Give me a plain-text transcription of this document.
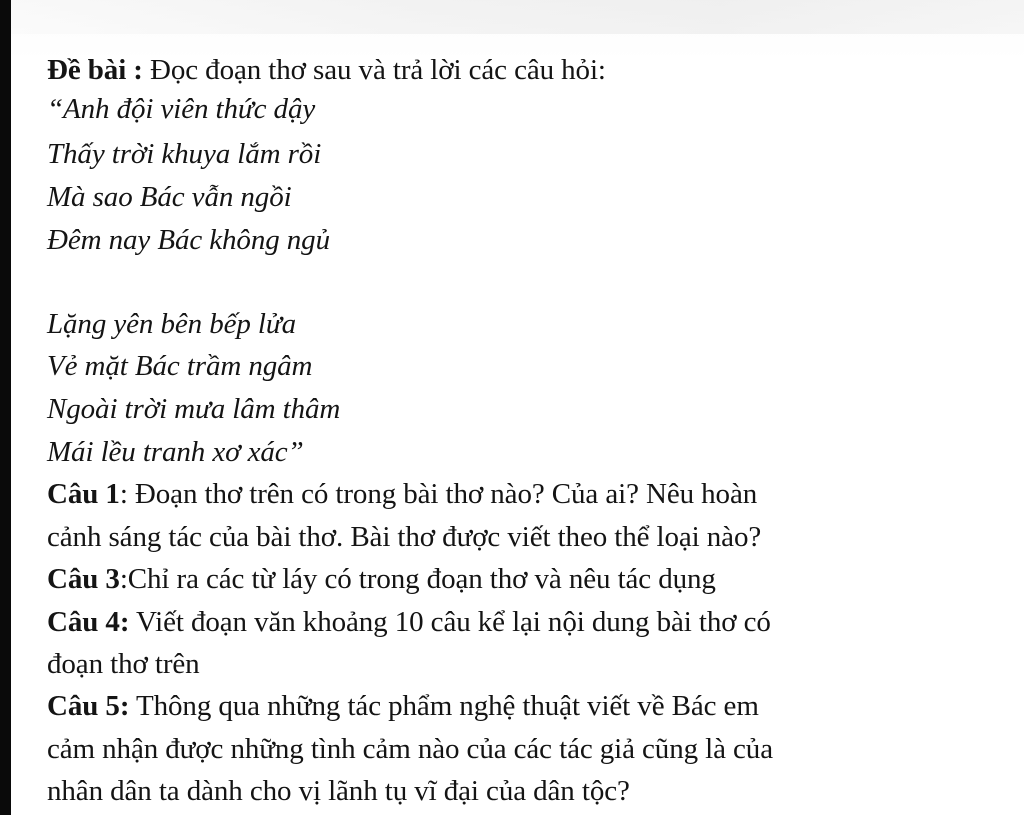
Đề bài : Đọc đoạn thơ sau và trả lời các câu hỏi:
“Anh đội viên thức dậy
Thấy trời khuya lắm rồi
Mà sao Bác vẫn ngồi
Đêm nay Bác không ngủ
Lặng yên bên bếp lửa
Vẻ mặt Bác trầm ngâm
Ngoài trời mưa lâm thâm
Mái lều tranh xơ xác”
Câu 1: Đoạn thơ trên có trong bài thơ nào? Của ai? Nêu hoàn
cảnh sáng tác của bài thơ. Bài thơ được viết theo thể loại nào?
Câu 3:Chỉ ra các từ láy có trong đoạn thơ và nêu tác dụng
Câu 4: Viết đoạn văn khoảng 10 câu kể lại nội dung bài thơ có
đoạn thơ trên
Câu 5: Thông qua những tác phẩm nghệ thuật viết về Bác em
cảm nhận được những tình cảm nào của các tác giả cũng là của
nhân dân ta dành cho vị lãnh tụ vĩ đại của dân tộc?
